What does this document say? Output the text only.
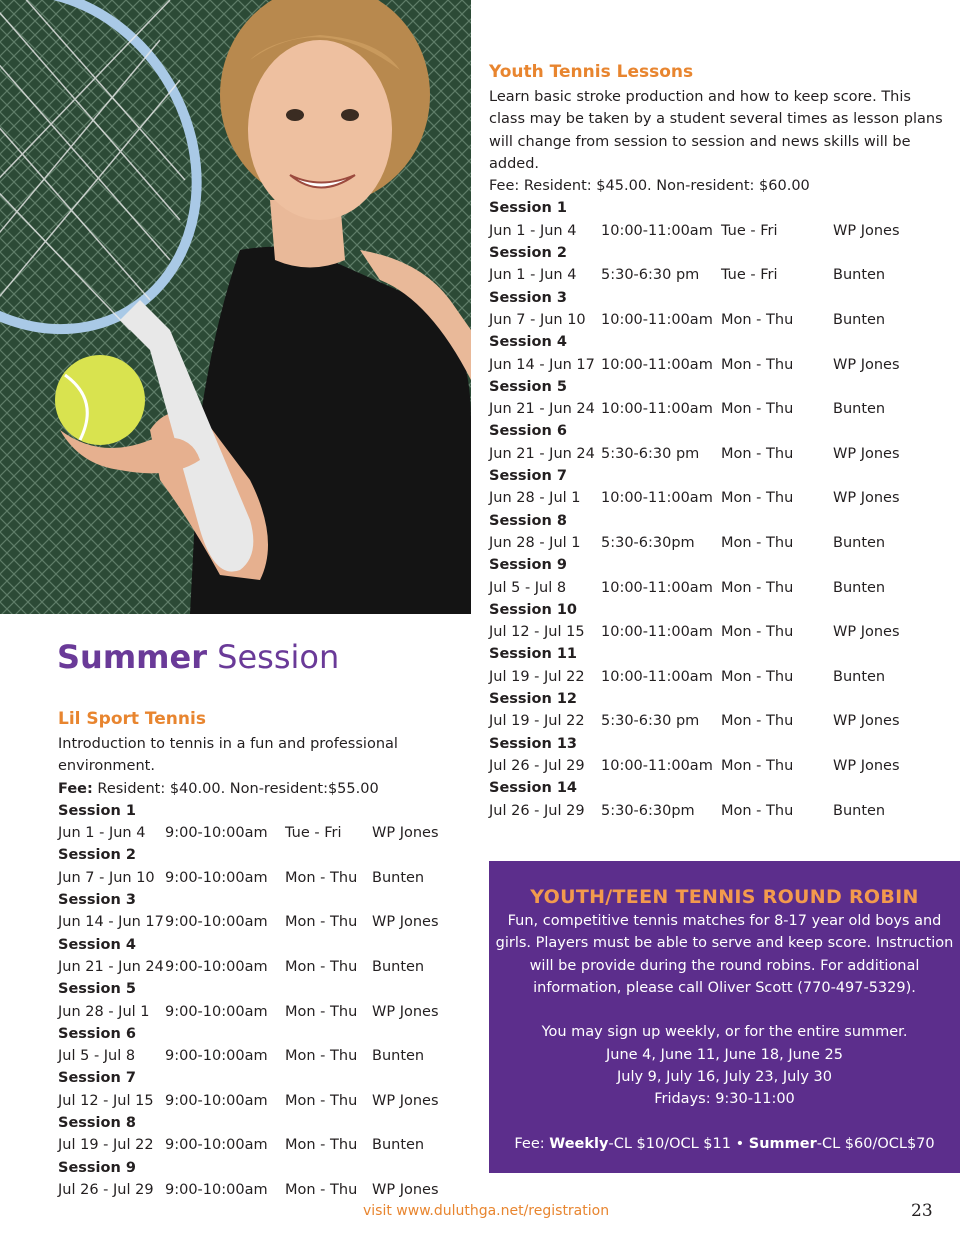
Summer Session
Lil Sport Tennis
Introduction to tennis in a fun and professional environment.
Fee: Resident: $40.00. Non-resident:$55.00
Session 1
Jun 1 - Jun 4 9:00-10:00am Tue - Fri WP Jones
Session 2
Jun 7 - Jun 10 9:00-10:00am Mon - Thu Bunten
Session 3
Jun 14 - Jun 17 9:00-10:00am Mon - Thu WP Jones
Session 4
Jun 21 - Jun 24 9:00-10:00am Mon - Thu Bunten
Session 5
Jun 28 - Jul 1 9:00-10:00am Mon - Thu WP Jones
Session 6
Jul 5 - Jul 8 9:00-10:00am Mon - Thu Bunten
Session 7
Jul 12 - Jul 15 9:00-10:00am Mon - Thu WP Jones
Session 8
Jul 19 - Jul 22 9:00-10:00am Mon - Thu Bunten
Session 9
Jul 26 - Jul 29 9:00-10:00am Mon - Thu WP Jones
Youth Tennis Lessons
Learn basic stroke production and how to keep score. This
class may be taken by a student several times as lesson plans
will change from session to session and news skills will be
added.
Fee: Resident: $45.00. Non-resident: $60.00
Session 1
Jun 1 - Jun 4 10:00-11:00am Tue - Fri	WP Jones
Session 2
Jun 1 - Jun 4 5:30-6:30 pm Tue - Fri	Bunten
Session 3
Jun 7 - Jun 10 10:00-11:00am Mon - Thu	Bunten
Session 4
Jun 14 - Jun 17 10:00-11:00am Mon - Thu	WP Jones
Session 5
Jun 21 - Jun 24 10:00-11:00am Mon - Thu	Bunten
Session 6
Jun 21 - Jun 24 5:30-6:30 pm Mon - Thu	WP Jones
Session 7
Jun 28 - Jul 1 10:00-11:00am Mon - Thu	WP Jones
Session 8
Jun 28 - Jul 1 5:30-6:30pm Mon - Thu	Bunten
Session 9
Jul 5 - Jul 8 10:00-11:00am Mon - Thu	Bunten
Session 10
Jul 12 - Jul 15 10:00-11:00am Mon - Thu	WP Jones
Session 11
Jul 19 - Jul 22 10:00-11:00am Mon - Thu	Bunten
Session 12
Jul 19 - Jul 22 5:30-6:30 pm Mon - Thu	WP Jones
Session 13
Jul 26 - Jul 29 10:00-11:00am Mon - Thu	WP Jones
Session 14
Jul 26 - Jul 29 5:30-6:30pm Mon - Thu	Bunten
YOUTH/TEEN TENNIS ROUND ROBIN
Fun, competitive tennis matches for 8-17 year old boys and
girls. Players must be able to serve and keep score. Instruction
will be provide during the round robins. For additional
information, please call Oliver Scott (770-497-5329).
You may sign up weekly, or for the entire summer.
June 4, June 11, June 18, June 25
July 9, July 16, July 23, July 30
Fridays: 9:30-11:00
Fee: Weekly-CL $10/OCL $11 • Summer-CL $60/OCL$70
visit www.duluthga.net/registration	23
